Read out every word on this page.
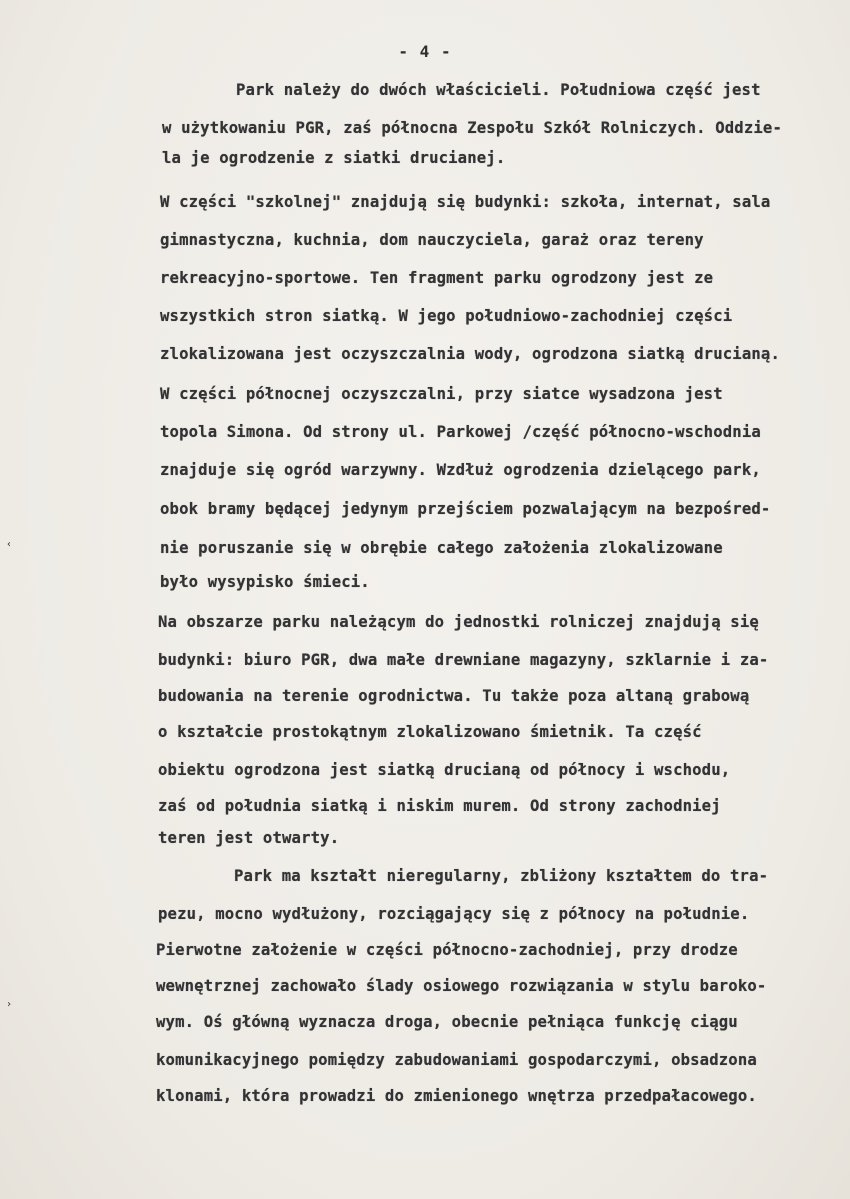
- 4 -
Park należy do dwóch właścicieli. Południowa część jest
w użytkowaniu PGR, zaś północna Zespołu Szkół Rolniczych. Oddzie-
la je ogrodzenie z siatki drucianej.
W części "szkolnej" znajdują się budynki: szkoła, internat, sala
gimnastyczna, kuchnia, dom nauczyciela, garaż oraz tereny
rekreacyjno-sportowe. Ten fragment parku ogrodzony jest ze
wszystkich stron siatką. W jego południowo-zachodniej części
zlokalizowana jest oczyszczalnia wody, ogrodzona siatką drucianą.
W części północnej oczyszczalni, przy siatce wysadzona jest
topola Simona. Od strony ul. Parkowej /część północno-wschodnia
znajduje się ogród warzywny. Wzdłuż ogrodzenia dzielącego park,
obok bramy będącej jedynym przejściem pozwalającym na bezpośred-
nie poruszanie się w obrębie całego założenia zlokalizowane
było wysypisko śmieci.
Na obszarze parku należącym do jednostki rolniczej znajdują się
budynki: biuro PGR, dwa małe drewniane magazyny, szklarnie i za-
budowania na terenie ogrodnictwa. Tu także poza altaną grabową
o kształcie prostokątnym zlokalizowano śmietnik. Ta część
obiektu ogrodzona jest siatką drucianą od północy i wschodu,
zaś od południa siatką i niskim murem. Od strony zachodniej
teren jest otwarty.
Park ma kształt nieregularny, zbliżony kształtem do tra-
pezu, mocno wydłużony, rozciągający się z północy na południe.
Pierwotne założenie w części północno-zachodniej, przy drodze
wewnętrznej zachowało ślady osiowego rozwiązania w stylu baroko-
wym. Oś główną wyznacza droga, obecnie pełniąca funkcję ciągu
komunikacyjnego pomiędzy zabudowaniami gospodarczymi, obsadzona
klonami, która prowadzi do zmienionego wnętrza przedpałacowego.
‹
›
